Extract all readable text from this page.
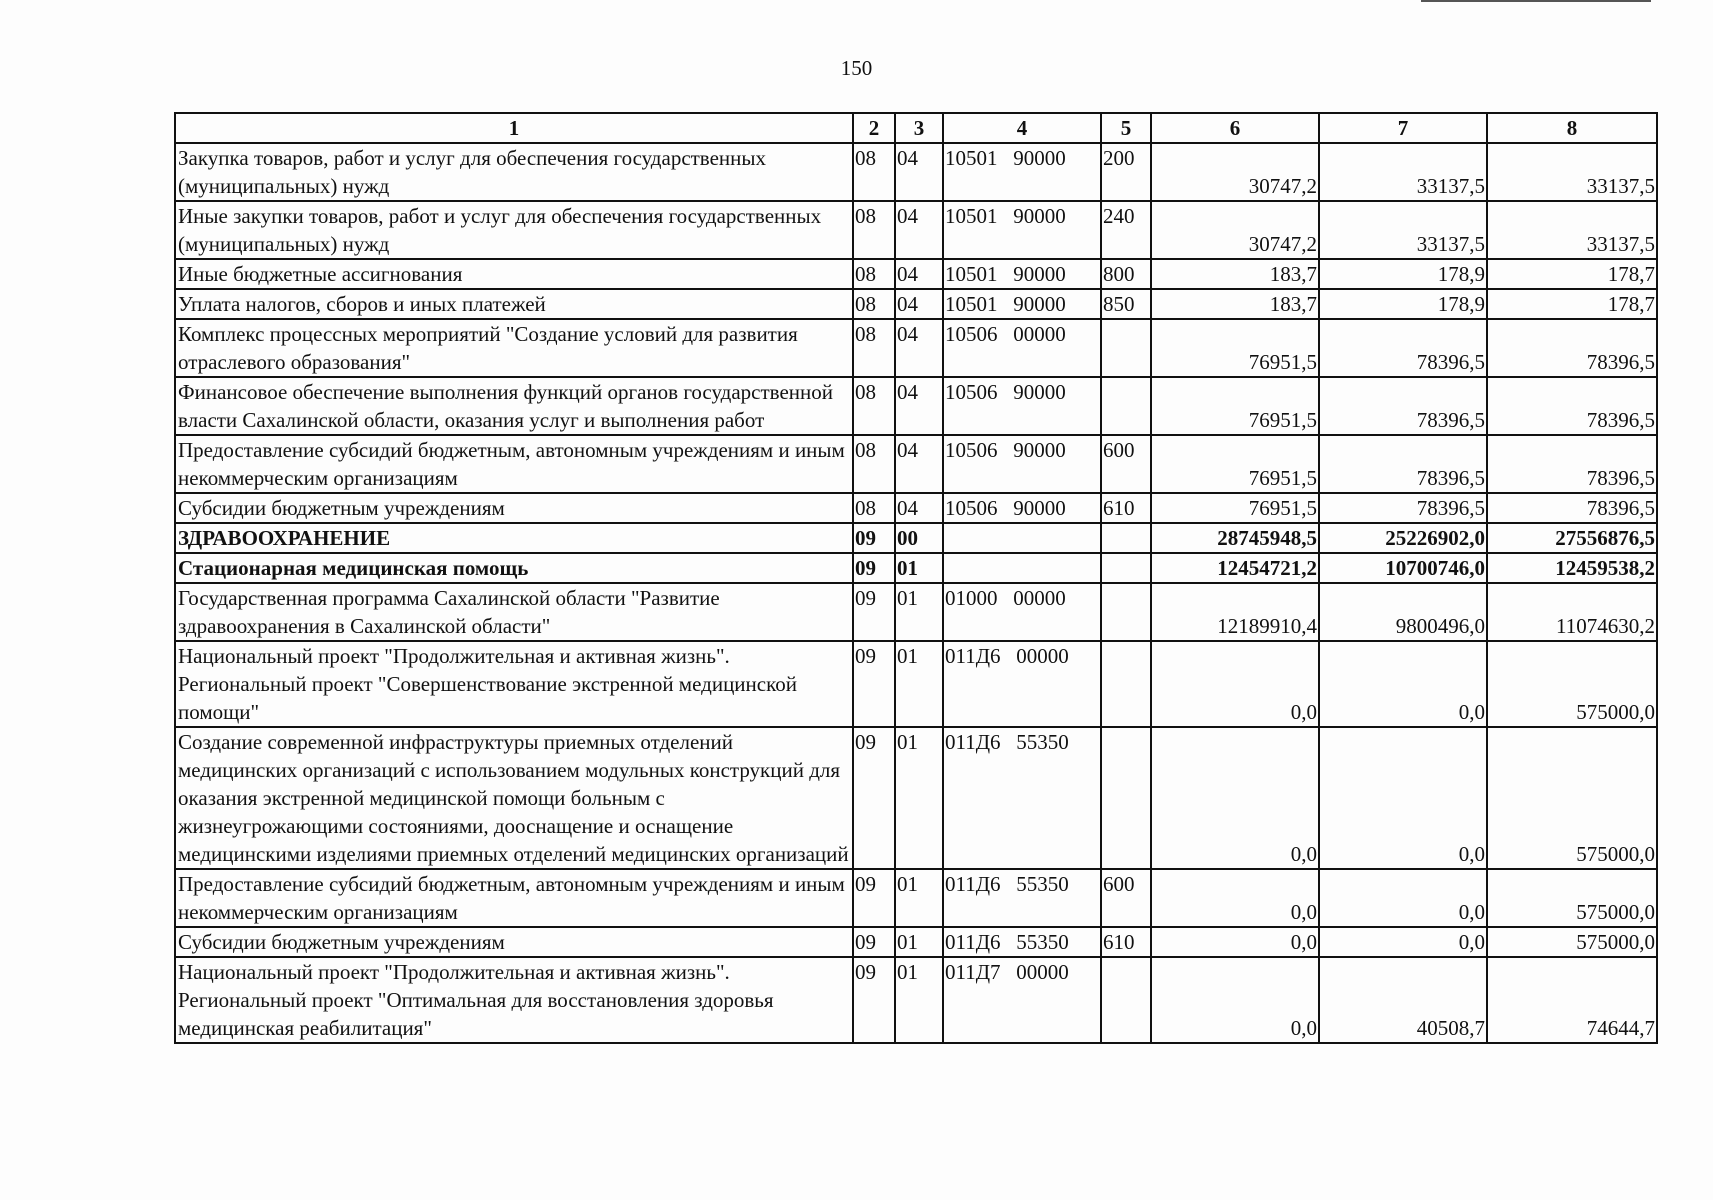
150
1	2	3	4	5	6	7	8
Закупка товаров, работ и услуг для обеспечения государственных (муниципальных) нужд	08	04	10501   90000	200	30747,2	33137,5	33137,5
Иные закупки товаров, работ и услуг для обеспечения государственных (муниципальных) нужд	08	04	10501   90000	240	30747,2	33137,5	33137,5
Иные бюджетные ассигнования	08	04	10501   90000	800	183,7	178,9	178,7
Уплата налогов, сборов и иных платежей	08	04	10501   90000	850	183,7	178,9	178,7
Комплекс процессных мероприятий "Создание условий для развития отраслевого образования"	08	04	10506   00000		76951,5	78396,5	78396,5
Финансовое обеспечение выполнения функций органов государственной власти Сахалинской области, оказания услуг и выполнения работ	08	04	10506   90000		76951,5	78396,5	78396,5
Предоставление субсидий бюджетным, автономным учреждениям и иным некоммерческим организациям	08	04	10506   90000	600	76951,5	78396,5	78396,5
Субсидии бюджетным учреждениям	08	04	10506   90000	610	76951,5	78396,5	78396,5
ЗДРАВООХРАНЕНИЕ	09	00			28745948,5	25226902,0	27556876,5
Стационарная медицинская помощь	09	01			12454721,2	10700746,0	12459538,2
Государственная программа Сахалинской области "Развитие здравоохранения в Сахалинской области"	09	01	01000   00000		12189910,4	9800496,0	11074630,2
Национальный проект "Продолжительная и активная жизнь". Региональный проект "Совершенствование экстренной медицинской помощи"	09	01	011Д6   00000		0,0	0,0	575000,0
Создание современной инфраструктуры приемных отделений медицинских организаций с использованием модульных конструкций для оказания экстренной медицинской помощи больным с жизнеугрожающими состояниями, дооснащение и оснащение медицинскими изделиями приемных отделений медицинских организаций	09	01	011Д6   55350		0,0	0,0	575000,0
Предоставление субсидий бюджетным, автономным учреждениям и иным некоммерческим организациям	09	01	011Д6   55350	600	0,0	0,0	575000,0
Субсидии бюджетным учреждениям	09	01	011Д6   55350	610	0,0	0,0	575000,0
Национальный проект "Продолжительная и активная жизнь". Региональный проект "Оптимальная для восстановления здоровья медицинская реабилитация"	09	01	011Д7   00000		0,0	40508,7	74644,7
